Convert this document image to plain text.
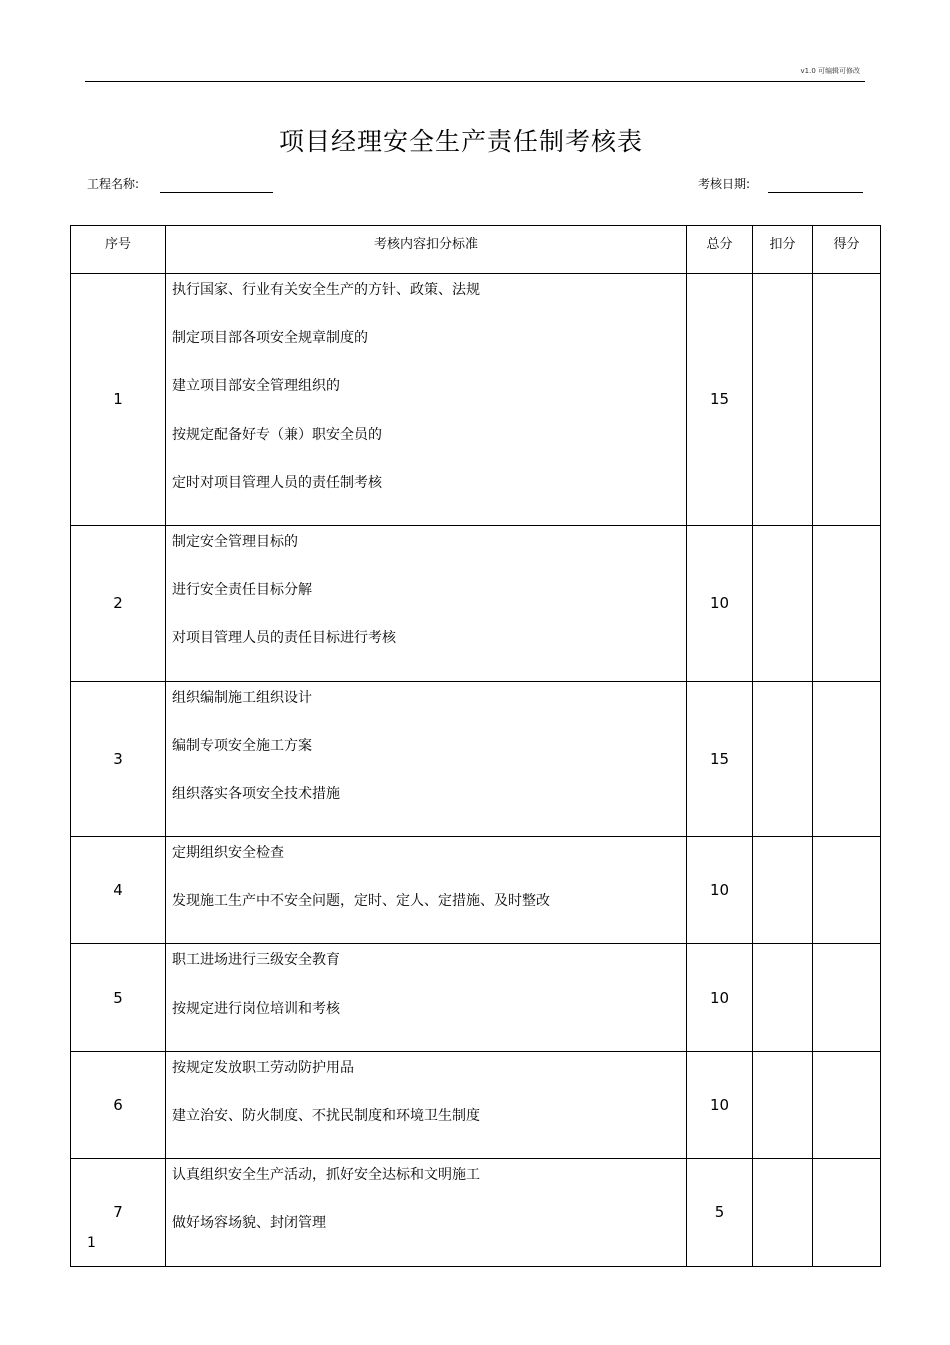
v1.0 可编辑可修改
项目经理安全生产责任制考核表
工程名称:	考核日期:
序号	考核内容扣分标准	总分	扣分	得分
1	执行国家、行业有关安全生产的方针、政策、法规
制定项目部各项安全规章制度的
建立项目部安全管理组织的
按规定配备好专（兼）职安全员的
定时对项目管理人员的责任制考核	15		
2	制定安全管理目标的
进行安全责任目标分解
对项目管理人员的责任目标进行考核	10		
3	组织编制施工组织设计
编制专项安全施工方案
组织落实各项安全技术措施	15		
4	定期组织安全检查
发现施工生产中不安全问题，定时、定人、定措施、及时整改	10		
5	职工进场进行三级安全教育
按规定进行岗位培训和考核	10		
6	按规定发放职工劳动防护用品
建立治安、防火制度、不扰民制度和环境卫生制度	10		
7	认真组织安全生产活动，抓好安全达标和文明施工
做好场容场貌、封闭管理	5		
1
